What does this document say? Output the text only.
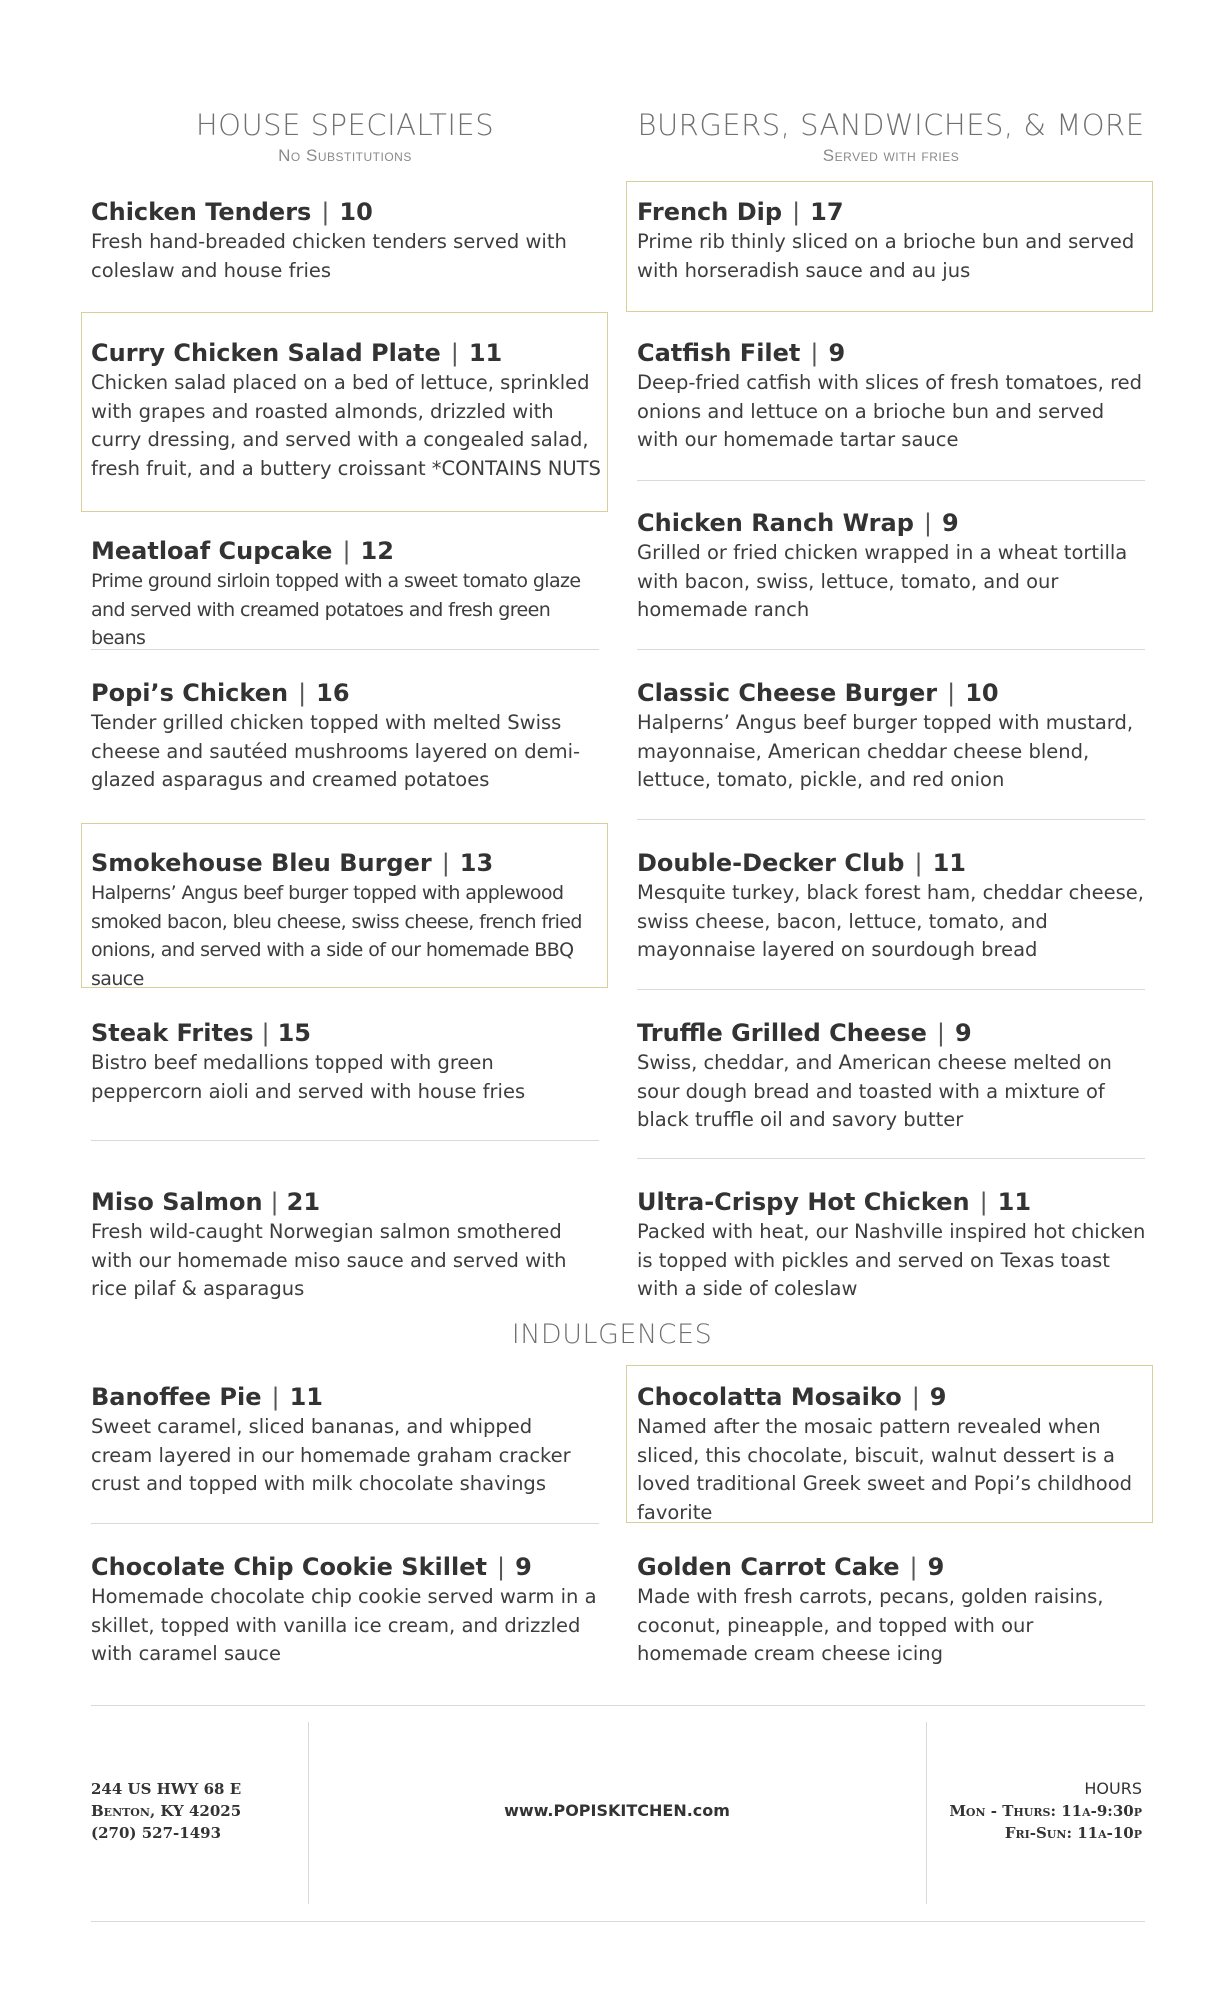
HOUSE SPECIALTIES
No Substitutions
BURGERS, SANDWICHES, & MORE
Served with fries

Chicken Tenders | 10

Fresh hand-breaded chicken tenders served with coleslaw and house fries

Curry Chicken Salad Plate | 11

Chicken salad placed on a bed of lettuce, sprinkled with grapes and roasted almonds, drizzled with curry dressing, and served with a congealed salad, fresh fruit, and a buttery croissant *CONTAINS NUTS

Meatloaf Cupcake | 12

Prime ground sirloin topped with a sweet tomato glaze and served with creamed potatoes and fresh green beans

Popi’s Chicken | 16

Tender grilled chicken topped with melted Swiss cheese and sautéed mushrooms layered on demi-glazed asparagus and creamed potatoes

Smokehouse Bleu Burger | 13

Halperns’ Angus beef burger topped with applewood smoked bacon, bleu cheese, swiss cheese, french fried onions, and served with a side of our homemade BBQ sauce

Steak Frites | 15

Bistro beef medallions topped with green peppercorn aioli and served with house fries

Miso Salmon | 21

Fresh wild-caught Norwegian salmon smothered with our homemade miso sauce and served with rice pilaf & asparagus

French Dip | 17

Prime rib thinly sliced on a brioche bun and served with horseradish sauce and au jus

Catfish Filet | 9

Deep-fried catfish with slices of fresh tomatoes, red onions and lettuce on a brioche bun and served with our homemade tartar sauce

Chicken Ranch Wrap | 9

Grilled or fried chicken wrapped in a wheat tortilla with bacon, swiss, lettuce, tomato, and our homemade ranch

Classic Cheese Burger | 10

Halperns’ Angus beef burger topped with mustard, mayonnaise, American cheddar cheese blend, lettuce, tomato, pickle, and red onion

Double-Decker Club | 11

Mesquite turkey, black forest ham, cheddar cheese, swiss cheese, bacon, lettuce, tomato, and mayonnaise layered on sourdough bread

Truffle Grilled Cheese | 9

Swiss, cheddar, and American cheese melted on sour dough bread and toasted with a mixture of black truffle oil and savory butter

Ultra-Crispy Hot Chicken | 11

Packed with heat, our Nashville inspired hot chicken is topped with pickles and served on Texas toast with a side of coleslaw

INDULGENCES

Banoffee Pie | 11

Sweet caramel, sliced bananas, and whipped cream layered in our homemade graham cracker crust and topped with milk chocolate shavings

Chocolatta Mosaiko | 9

Named after the mosaic pattern revealed when sliced, this chocolate, biscuit, walnut dessert is a loved traditional Greek sweet and Popi’s childhood favorite

Chocolate Chip Cookie Skillet | 9

Homemade chocolate chip cookie served warm in a skillet, topped with vanilla ice cream, and drizzled with caramel sauce

Golden Carrot Cake | 9

Made with fresh carrots, pecans, golden raisins, coconut, pineapple, and topped with our homemade cream cheese icing

244 US HWY 68 E
Benton, KY 42025
(270) 527-1493
www.POPISKITCHEN.com
HOURS
Mon - Thurs: 11a-9:30p
Fri-Sun: 11a-10p
